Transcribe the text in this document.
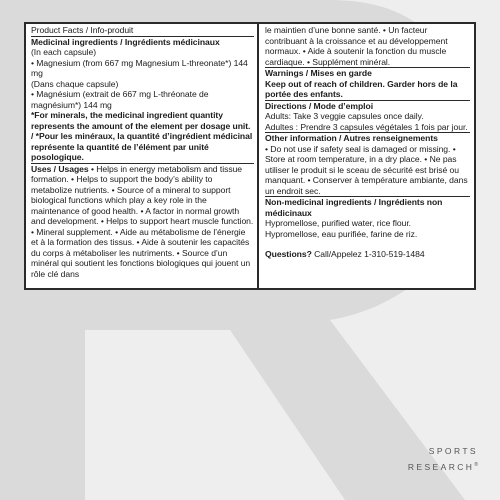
Product Facts / Info-produit

Medicinal ingredients / Ingrédients médicinaux

(In each capsule)

• Magnesium (from 667 mg Magnesium L-threonate*) 144 mg

(Dans chaque capsule)

• Magnésium (extrait de 667 mg L-thréonate de magnésium*) 144 mg

*For minerals, the medicinal ingredient quantity represents the amount of the element per dosage unit. / *Pour les minéraux, la quantité d’ingrédient médicinal représente la quantité de l’élément par unité posologique.

Uses / Usages • Helps in energy metabolism and tissue formation. • Helps to support the body’s ability to metabolize nutrients. • Source of a mineral to support biological functions which play a key role in the maintenance of good health. • A factor in normal growth and development. • Helps to support heart muscle function. • Mineral supplement. • Aide au métabolisme de l’énergie et à la formation des tissus. • Aide à soutenir les capacités du corps à métaboliser les nutriments. • Source d’un minéral qui soutient les fonctions biologiques qui jouent un rôle clé dans

le maintien d’une bonne santé. • Un facteur contribuant à la croissance et au développement normaux. • Aide à soutenir la fonction du muscle cardiaque. • Supplément minéral.

Warnings / Mises en garde

Keep out of reach of children. Garder hors de la portée des enfants.

Directions / Mode d’emploi

Adults: Take 3 veggie capsules once daily.

Adultes : Prendre 3 capsules végétales 1 fois par jour.

Other information / Autres renseignements

• Do not use if safety seal is damaged or missing. • Store at room temperature, in a dry place. • Ne pas utiliser le produit si le sceau de sécurité est brisé ou manquant. • Conserver à température ambiante, dans un endroit sec.

Non-medicinal ingredients / Ingrédients non médicinaux

Hypromellose, purified water, rice flour.

Hypromellose, eau purifiée, farine de riz.

Questions? Call/Appelez 1-310-519-1484

SPORTS
RESEARCH®
